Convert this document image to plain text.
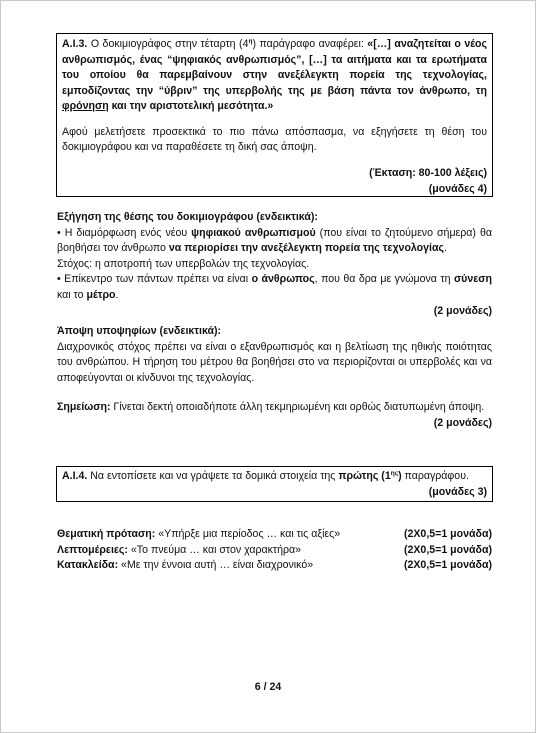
Α.Ι.3. Ο δοκιμιογράφος στην τέταρτη $(4^\eta)$ παράγραφο αναφέρει: «[…] αναζητείται ο νέος ανθρωπισμός, ένας “ψηφιακός ανθρωπισμός”, […] τα αιτήματα και τα ερωτήματα του οποίου θα παρεμβαίνουν στην ανεξέλεγκτη πορεία της τεχνολογίας, εμποδίζοντας την “ύβριν” της υπερβολής της με βάση πάντα τον άνθρωπο, τη φρόνηση και την αριστοτελική μεσότητα.»

Αφού μελετήσετε προσεκτικά το πιο πάνω απόσπασμα, να εξηγήσετε τη θέση του δοκιμιογράφου και να παραθέσετε τη δική σας άποψη.

(Έκταση: 80-100 λέξεις)

(μονάδες 4)

Εξήγηση της θέσης του δοκιμιογράφου (ενδεικτικά):

• Η διαμόρφωση ενός νέου ψηφιακού ανθρωπισμού (που είναι το ζητούμενο σήμερα) θα βοηθήσει τον άνθρωπο να περιορίσει την ανεξέλεγκτη πορεία της τεχνολογίας.

Στόχος: η αποτροπή των υπερβολών της τεχνολογίας.

• Επίκεντρο των πάντων πρέπει να είναι ο άνθρωπος, που θα δρα με γνώμονα τη σύνεση και το μέτρο.

(2 μονάδες)

Άποψη υποψηφίων (ενδεικτικά):

Διαχρονικός στόχος πρέπει να είναι ο εξανθρωπισμός και η βελτίωση της ηθικής ποιότητας του ανθρώπου. Η τήρηση του μέτρου θα βοηθήσει στο να περιορίζονται οι υπερβολές και να αποφεύγονται οι κίνδυνοι της τεχνολογίας.

Σημείωση: Γίνεται δεκτή οποιαδήποτε άλλη τεκμηριωμένη και ορθώς διατυπωμένη άποψη.

(2 μονάδες)

Α.Ι.4. Να εντοπίσετε και να γράψετε τα δομικά στοιχεία της πρώτης $(1^{\eta\varsigma})$ παραγράφου.

(μονάδες 3)

Θεματική πρόταση: «Υπήρξε μια περίοδος … και τις αξίες»	(2Χ0,5=1 μονάδα)
Λεπτομέρειες: «Το πνεύμα … και στον χαρακτήρα»	(2Χ0,5=1 μονάδα)
Κατακλείδα: «Με την έννοια αυτή … είναι διαχρονικό»	(2Χ0,5=1 μονάδα)
6 / 24
